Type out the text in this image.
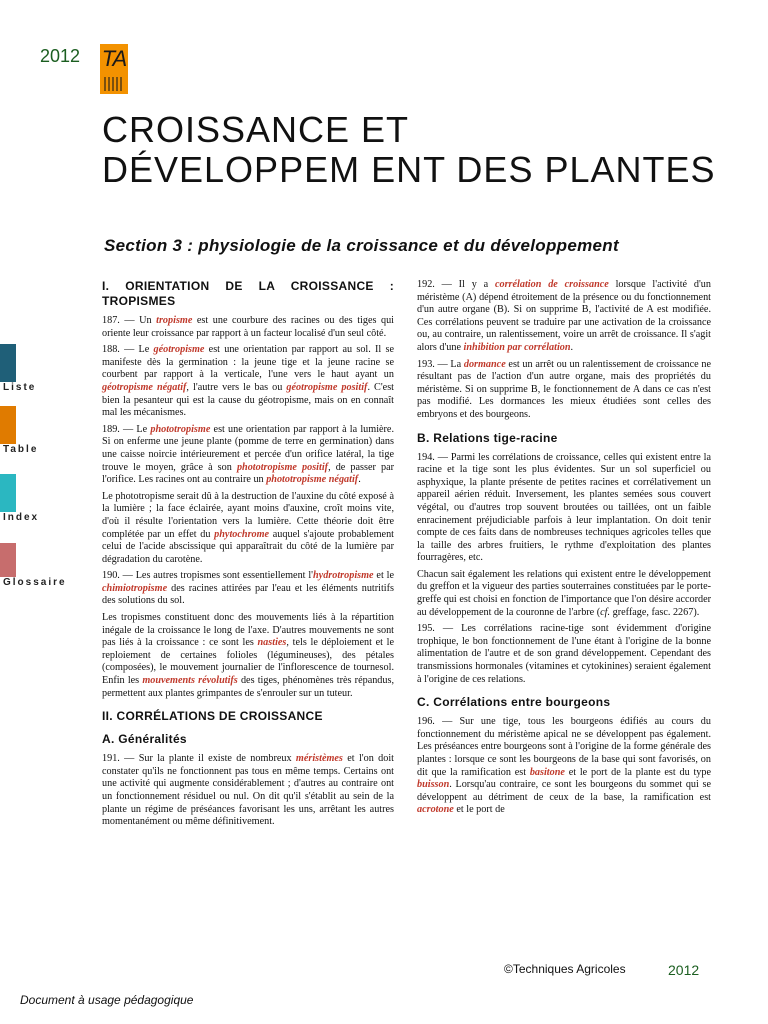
2012 TA
CROISSANCE ET
DÉVELOPPEM ENT DES PLANTES
Section 3 : physiologie de la croissance et du développement
Liste
Table
Index
Glossaire
I. ORIENTATION DE LA CROISSANCE : TROPISMES

187. — Un tropisme est une courbure des racines ou des tiges qui oriente leur croissance par rapport à un facteur localisé d'un seul côté.

188. — Le géotropisme est une orientation par rapport au sol. Il se manifeste dès la germination : la jeune tige et la jeune racine se courbent par rapport à la verticale, l'une vers le haut ayant un géotropisme négatif, l'autre vers le bas ou géotropisme positif. C'est bien la pesanteur qui est la cause du géotropisme, mais on en connaît mal les mécanismes.

189. — Le phototropisme est une orientation par rapport à la lumière. Si on enferme une jeune plante (pomme de terre en germination) dans une caisse noircie intérieurement et percée d'un orifice latéral, la tige trouve le moyen, grâce à son phototropisme positif, de passer par l'orifice. Les racines ont au contraire un phototropisme négatif.

Le phototropisme serait dû à la destruction de l'auxine du côté exposé à la lumière ; la face éclairée, ayant moins d'auxine, croît moins vite, d'où il résulte l'orientation vers la lumière. Cette théorie doit être complétée par un effet du phytochrome auquel s'ajoute probablement celui de l'acide abscissique qui apparaîtrait du côté de la lumière par dégradation du carotène.

190. — Les autres tropismes sont essentiellement l'hydrotropisme et le chimiotropisme des racines attirées par l'eau et les éléments nutritifs des solutions du sol.

Les tropismes constituent donc des mouvements liés à la répartition inégale de la croissance le long de l'axe. D'autres mouvements ne sont pas liés à la croissance : ce sont les nasties, tels le déploiement et le reploiement de certaines folioles (légumineuses), des pétales (composées), le mouvement journalier de l'inflorescence de tournesol. Enfin les mouvements révolutifs des tiges, phénomènes très répandus, permettent aux plantes grimpantes de s'enrouler sur un tuteur.

II. CORRÉLATIONS DE CROISSANCE
A. Généralités

191. — Sur la plante il existe de nombreux méristèmes et l'on doit constater qu'ils ne fonctionnent pas tous en même temps. Certains ont une activité qui augmente considérablement ; d'autres au contraire ont un fonctionnement résiduel ou nul. On dit qu'il s'établit au sein de la plante un régime de préséances favorisant les uns, arrêtant les autres momentanément ou même définitivement.

192. — Il y a corrélation de croissance lorsque l'activité d'un méristème (A) dépend étroitement de la présence ou du fonctionnement d'un autre organe (B). Si on supprime B, l'activité de A est modifiée. Ces corrélations peuvent se traduire par une activation de la croissance ou, au contraire, un ralentissement, voire un arrêt de croissance. Il s'agit alors d'une inhibition par corrélation.

193. — La dormance est un arrêt ou un ralentissement de croissance ne résultant pas de l'action d'un autre organe, mais des propriétés du méristème. Si on supprime B, le fonctionnement de A dans ce cas n'est pas modifié. Les dormances les mieux étudiées sont celles des embryons et des bourgeons.

B. Relations tige-racine

194. — Parmi les corrélations de croissance, celles qui existent entre la racine et la tige sont les plus évidentes. Sur un sol superficiel ou asphyxique, la plante présente de petites racines et corrélativement un appareil aérien réduit. Inversement, les plantes semées sous couvert végétal, ou d'autres trop souvent broutées ou taillées, ont un faible enracinement préjudiciable parfois à leur implantation. On doit tenir compte de ces faits dans de nombreuses techniques agricoles telles que la taille des arbres fruitiers, le rythme d'exploitation des plantes fourragères, etc.

Chacun sait également les relations qui existent entre le développement du greffon et la vigueur des parties souterraines constituées par le porte-greffe qui est choisi en fonction de l'importance que l'on désire accorder au développement de la couronne de l'arbre (cf. greffage, fasc. 2267).

195. — Les corrélations racine-tige sont évidemment d'origine trophique, le bon fonctionnement de l'une étant à l'origine de la bonne alimentation de l'autre et de son grand développement. Cependant des transmissions hormonales (vitamines et cytokinines) seraient également à l'origine de ces relations.

C. Corrélations entre bourgeons

196. — Sur une tige, tous les bourgeons édifiés au cours du fonctionnement du méristème apical ne se développent pas également. Les préséances entre bourgeons sont à l'origine de la forme générale des plantes : lorsque ce sont les bourgeons de la base qui sont favorisés, on dit que la ramification est basitone et le port de la plante est du type buisson. Lorsqu'au contraire, ce sont les bourgeons du sommet qui se développent au détriment de ceux de la base, la ramification est acrotone et le port de

©Techniques Agricoles	2012
Document à usage pédagogique
